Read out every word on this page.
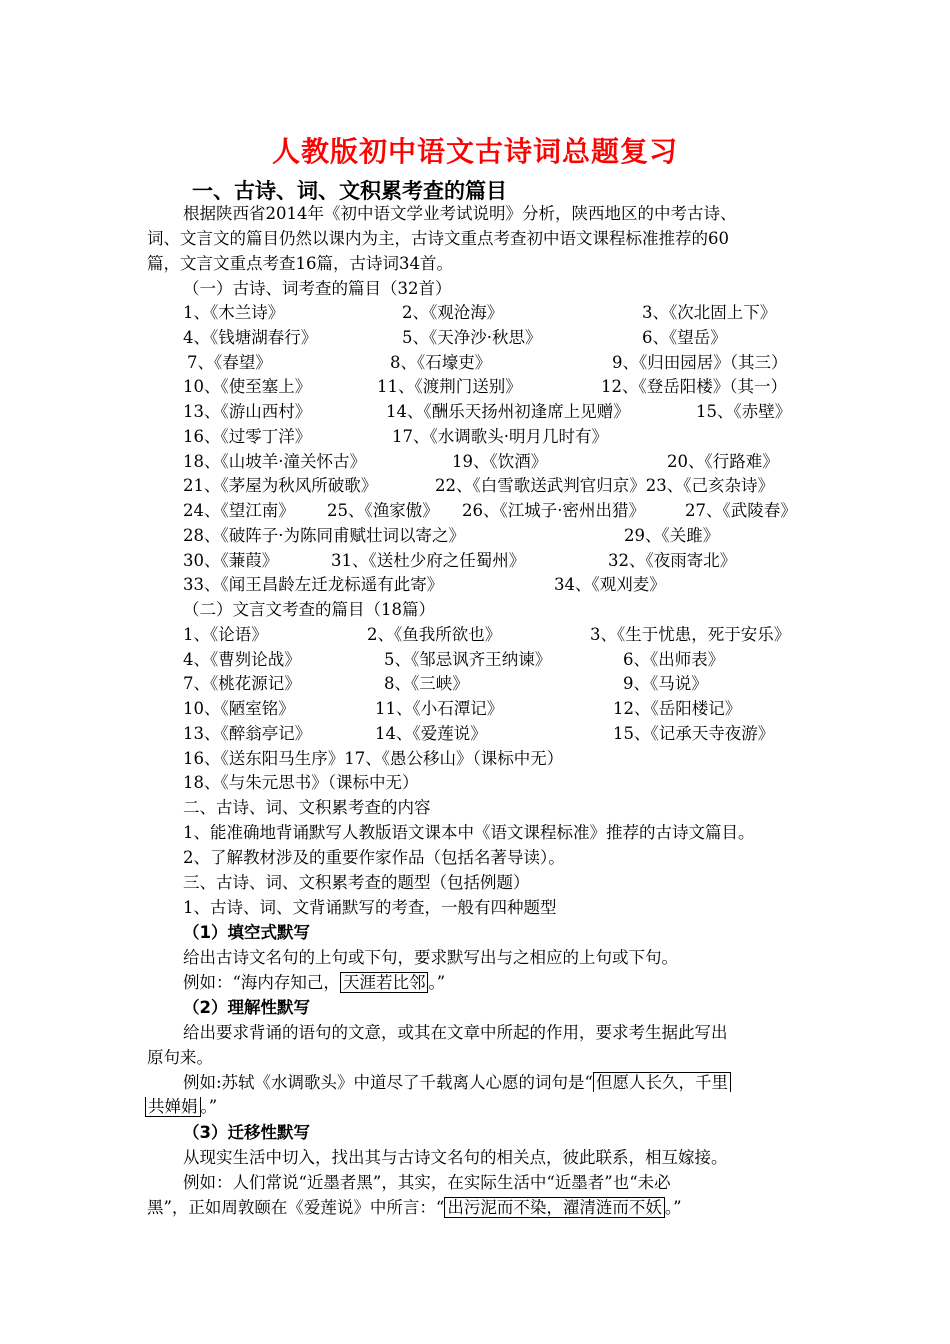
人教版初中语文古诗词总题复习
一、古诗、词、文积累考查的篇目
根据陕西省2014年《初中语文学业考试说明》分析，陕西地区的中考古诗、
词、文言文的篇目仍然以课内为主，古诗文重点考查初中语文课程标准推荐的60
篇，文言文重点考查16篇，古诗词34首。
（一）古诗、词考查的篇目（32首）
1、《木兰诗》	2、《观沧海》	3、《次北固上下》
4、《钱塘湖春行》	5、《天净沙·秋思》	6、《望岳》
7、《春望》	8、《石壕吏》	9、《归田园居》（其三）
10、《使至塞上》	11、《渡荆门送别》	12、《登岳阳楼》（其一）
13、《游山西村》	14、《酬乐天扬州初逢席上见赠》	15、《赤壁》
16、《过零丁洋》	17、《水调歌头·明月几时有》
18、《山坡羊·潼关怀古》	19、《饮酒》	20、《行路难》
21、《茅屋为秋风所破歌》	22、《白雪歌送武判官归京》23、《己亥杂诗》
24、《望江南》 25、《渔家傲》 26、《江城子·密州出猎》 27、《武陵春》
28、《破阵子·为陈同甫赋壮词以寄之》	29、《关雎》
30、《蒹葭》	31、《送杜少府之任蜀州》	32、《夜雨寄北》
33、《闻王昌龄左迁龙标遥有此寄》	34、《观刈麦》
（二）文言文考查的篇目（18篇）
1、《论语》	2、《鱼我所欲也》	3、《生于忧患，死于安乐》
4、《曹刿论战》	5、《邹忌讽齐王纳谏》	6、《出师表》
7、《桃花源记》	8、《三峡》	9、《马说》
10、《陋室铭》	11、《小石潭记》	12、《岳阳楼记》
13、《醉翁亭记》	14、《爱莲说》	15、《记承天寺夜游》
16、《送东阳马生序》17、《愚公移山》（课标中无）
18、《与朱元思书》（课标中无）
二、古诗、词、文积累考查的内容
1、能准确地背诵默写人教版语文课本中《语文课程标准》推荐的古诗文篇目。
2、了解教材涉及的重要作家作品（包括名著导读）。
三、古诗、词、文积累考查的题型（包括例题）
1、古诗、词、文背诵默写的考查，一般有四种题型
（1）填空式默写
给出古诗文名句的上句或下句，要求默写出与之相应的上句或下句。
例如：“海内存知己， 天涯若比邻 。”
（2）理解性默写
给出要求背诵的语句的文意，或其在文章中所起的作用，要求考生据此写出
原句来。
例如:苏轼《水调歌头》中道尽了千载离人心愿的词句是“ 但愿人长久，千里
共婵娟 。”
（3）迁移性默写
从现实生活中切入，找出其与古诗文名句的相关点，彼此联系，相互嫁接。
例如：人们常说“近墨者黑”，其实，在实际生活中“近墨者”也“未必
黑”，正如周敦颐在《爱莲说》中所言：“ 出污泥而不染，濯清涟而不妖 。”
